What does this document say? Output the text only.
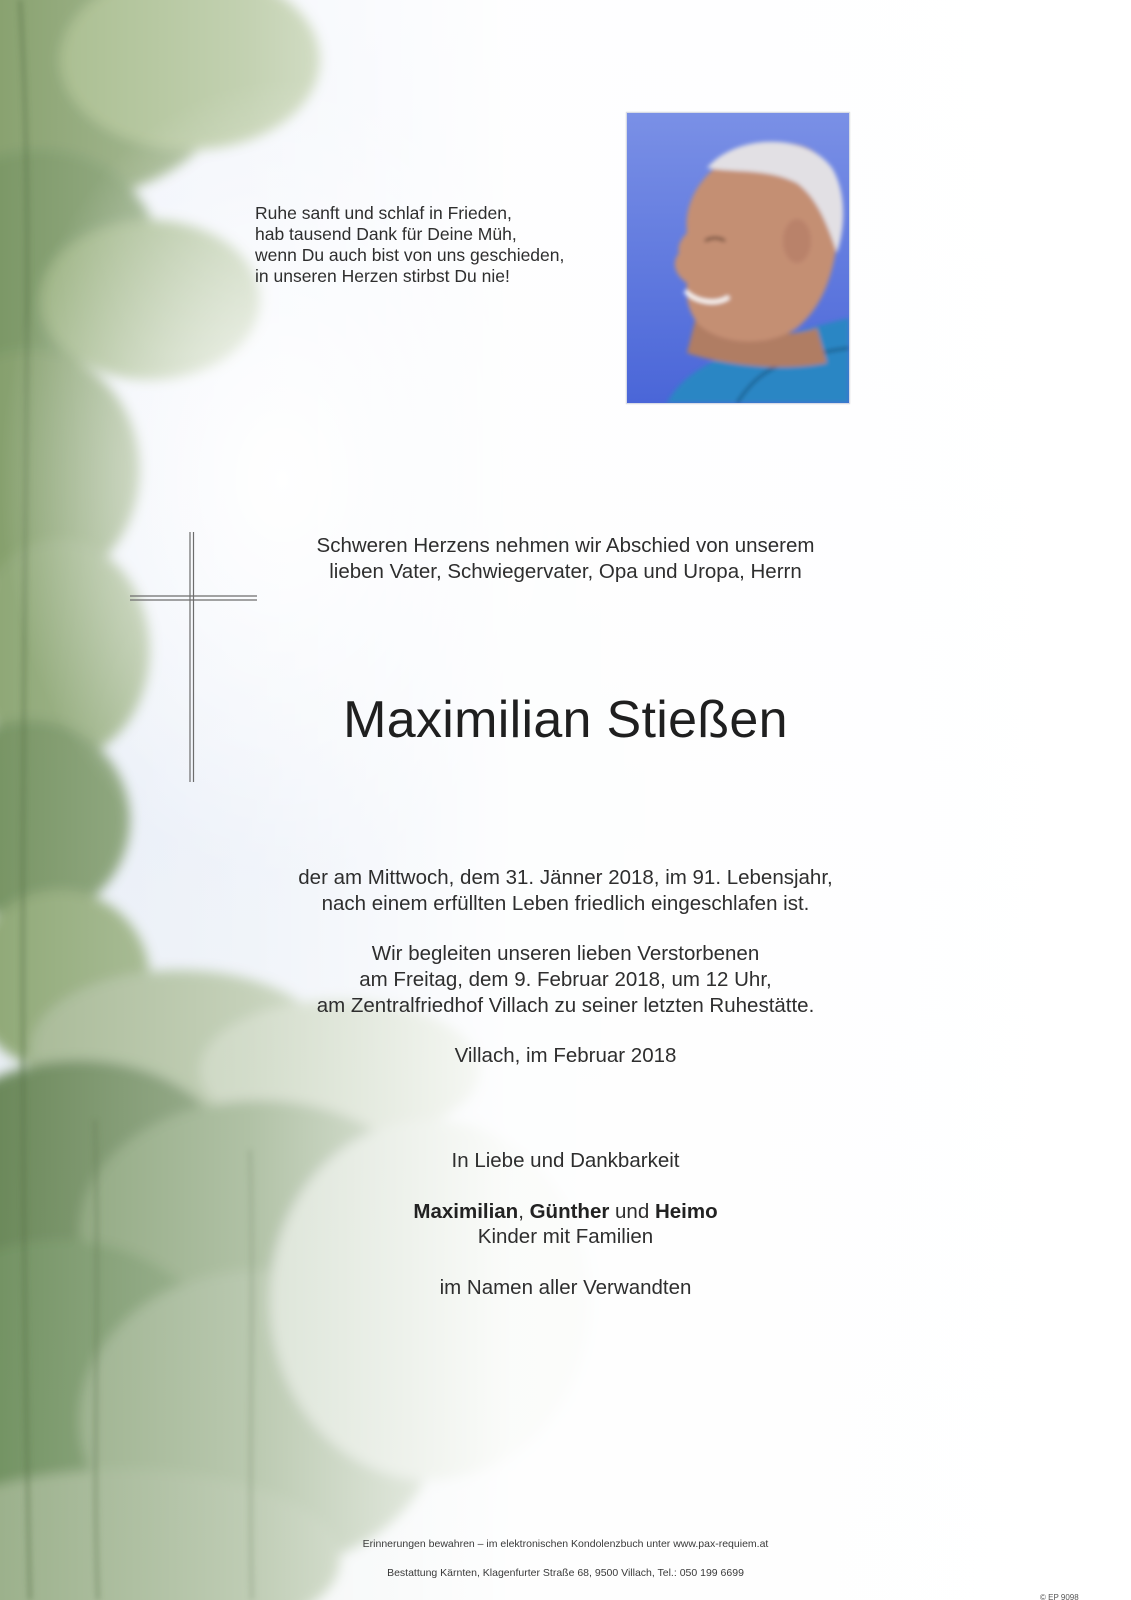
Ruhe sanft und schlaf in Frieden,
hab tausend Dank für Deine Müh,
wenn Du auch bist von uns geschieden,
in unseren Herzen stirbst Du nie!
Schweren Herzens nehmen wir Abschied von unserem
lieben Vater, Schwiegervater, Opa und Uropa, Herrn
Maximilian Stießen
der am Mittwoch, dem 31. Jänner 2018, im 91. Lebensjahr,
nach einem erfüllten Leben friedlich eingeschlafen ist.
Wir begleiten unseren lieben Verstorbenen
am Freitag, dem 9. Februar 2018, um 12 Uhr,
am Zentralfriedhof Villach zu seiner letzten Ruhestätte.
Villach, im Februar 2018
In Liebe und Dankbarkeit
Maximilian, Günther und Heimo
Kinder mit Familien
im Namen aller Verwandten
Erinnerungen bewahren – im elektronischen Kondolenzbuch unter www.pax-requiem.at
Bestattung Kärnten, Klagenfurter Straße 68, 9500 Villach, Tel.: 050 199 6699
© EP 9098
